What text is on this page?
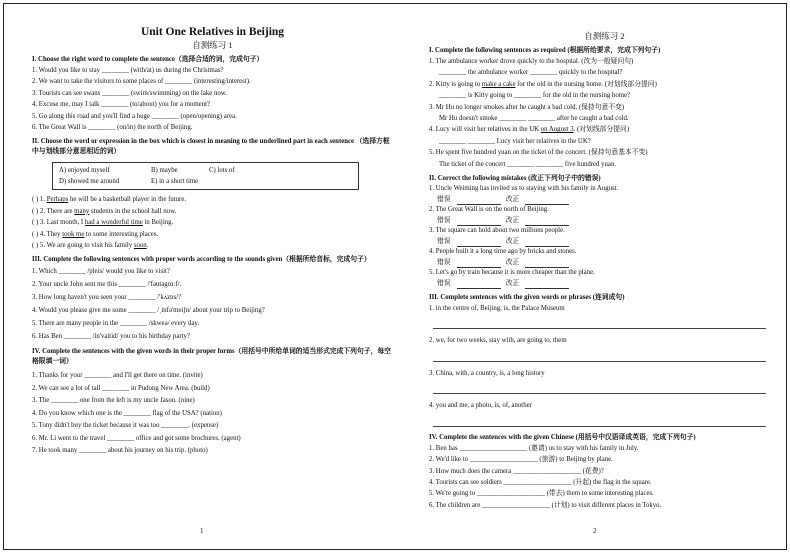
Unit One Relatives in Beijing
自测练习 1
I. Choose the right word to complete the sentence（选择合适的词，完成句子）
1. Would you like to stay ________ (with/at) us during the Christmas?
2. We want to take the visitors to some places of ________ (interesting/interest).
3. Tourists can see swans ________ (swim/swimming) on the lake now.
4. Excuse me, may I talk ________ (to/about) you for a moment?
5. Go along this road and you'll find a huge ________ (open/opening) area.
6. The Great Wall is ________ (on/in) the north of Beijing.
II. Choose the word or expression in the box which is closest in meaning to the underlined part in each sentence （选择方框中与划线部分意思相近的词）
A) enjoyed myself	B) maybe	C) lots of
D) showed me around	E) in a short time
( ) 1. Perhaps he will be a basketball player in the future.
( ) 2. There are many students in the school hall now.
( ) 3. Last month, I had a wonderful time in Beijing.
( ) 4. They took me to some interesting places.
( ) 5. We are going to visit his family soon.
III. Complete the following sentences with proper words according to the sounds given（根据所给音标，完成句子）
1. Which ________ /pleis/ would you like to visit?
2. Your uncle John sent me this ________ /'fəutəgrɑːf/.
3. How long haven't you seen your ________ /'kʌzns/?
4. Would you please give me some ________ /ˌinfə'meiʃn/ about your trip to Beijing?
5. There are many people in the ________ /skweə/ every day.
6. Has Ben ________ /in'vaitid/ you to his birthday party?
IV. Complete the sentences with the given words in their proper forms（用括号中所给单词的适当形式完成下列句子，每空格限填一词）
1. Thanks for your ________ and I'll get there on time. (invite)
2. We can see a lot of tall ________ in Pudong New Area. (build)
3. The ________ one from the left is my uncle Jason. (nine)
4. Do you know which one is the ________ flag of the USA? (nation)
5. Tony didn't buy the ticket because it was too ________. (expense)
6. Mr. Li went to the travel ________ office and got some brochures. (agent)
7. He took many ________ about his journey on his trip. (photo)
1
自测练习 2
I. Complete the following sentences as required (根据所给要求，完成下列句子)
1. The ambulance worker drove quickly to the hospital. (改为一般疑问句)
________ the ambulance worker ________ quickly to the hospital?
2. Kitty is going to make a cake for the old in the nursing home. (对划线部分提问)
________ is Kitty going to ________ for the old in the nursing home?
3. Mr Hu no longer smokes after he caught a bad cold. (保持句意不变)
Mr Hu doesn't smoke ________ ________ after he caught a bad cold.
4. Lucy will visit her relatives in the UK on August 3. (对划线部分提问)
________ ________ Lucy visit her relatives in the UK?
5. He spent five hundred yuan on the ticket of the concert. (保持句意基本不变)
The ticket of the concert ________ ________ five hundred yuan.
II. Correct the following mistakes (改正下列句子中的错误)
1. Uncle Weiming has invited us to staying with his family in August.
错误	改正
2. The Great Wall is on the north of Beijing.
错误	改正
3. The square can hold about two millions people.
错误	改正
4. People built it a long time ago by bricks and stones.
错误	改正
5. Let's go by train because it is more cheaper than the plane.
错误	改正
III. Complete sentences with the given words or phrases (连词成句)
1. in the centre of, Beijing, is, the Palace Museum
2. we, for two weeks, stay with, are going to, them
3. China, with, a country, is, a long history
4. you and me, a photo, is, of, another
IV. Complete the sentences with the given Chinese (用括号中汉语译成英语，完成下列句子)
1. Ben has ____________________ (邀请) us to stay with his family in July.
2. We'd like to ____________________ (旅游) to Beijing by plane.
3. How much does the camera ____________________ (花费)?
4. Tourists can see soldiers ____________________ (升起) the flag in the square.
5. We're going to ____________________ (带去) them to some interesting places.
6. The children are ____________________ (计划) to visit different places in Tokyo.
2
